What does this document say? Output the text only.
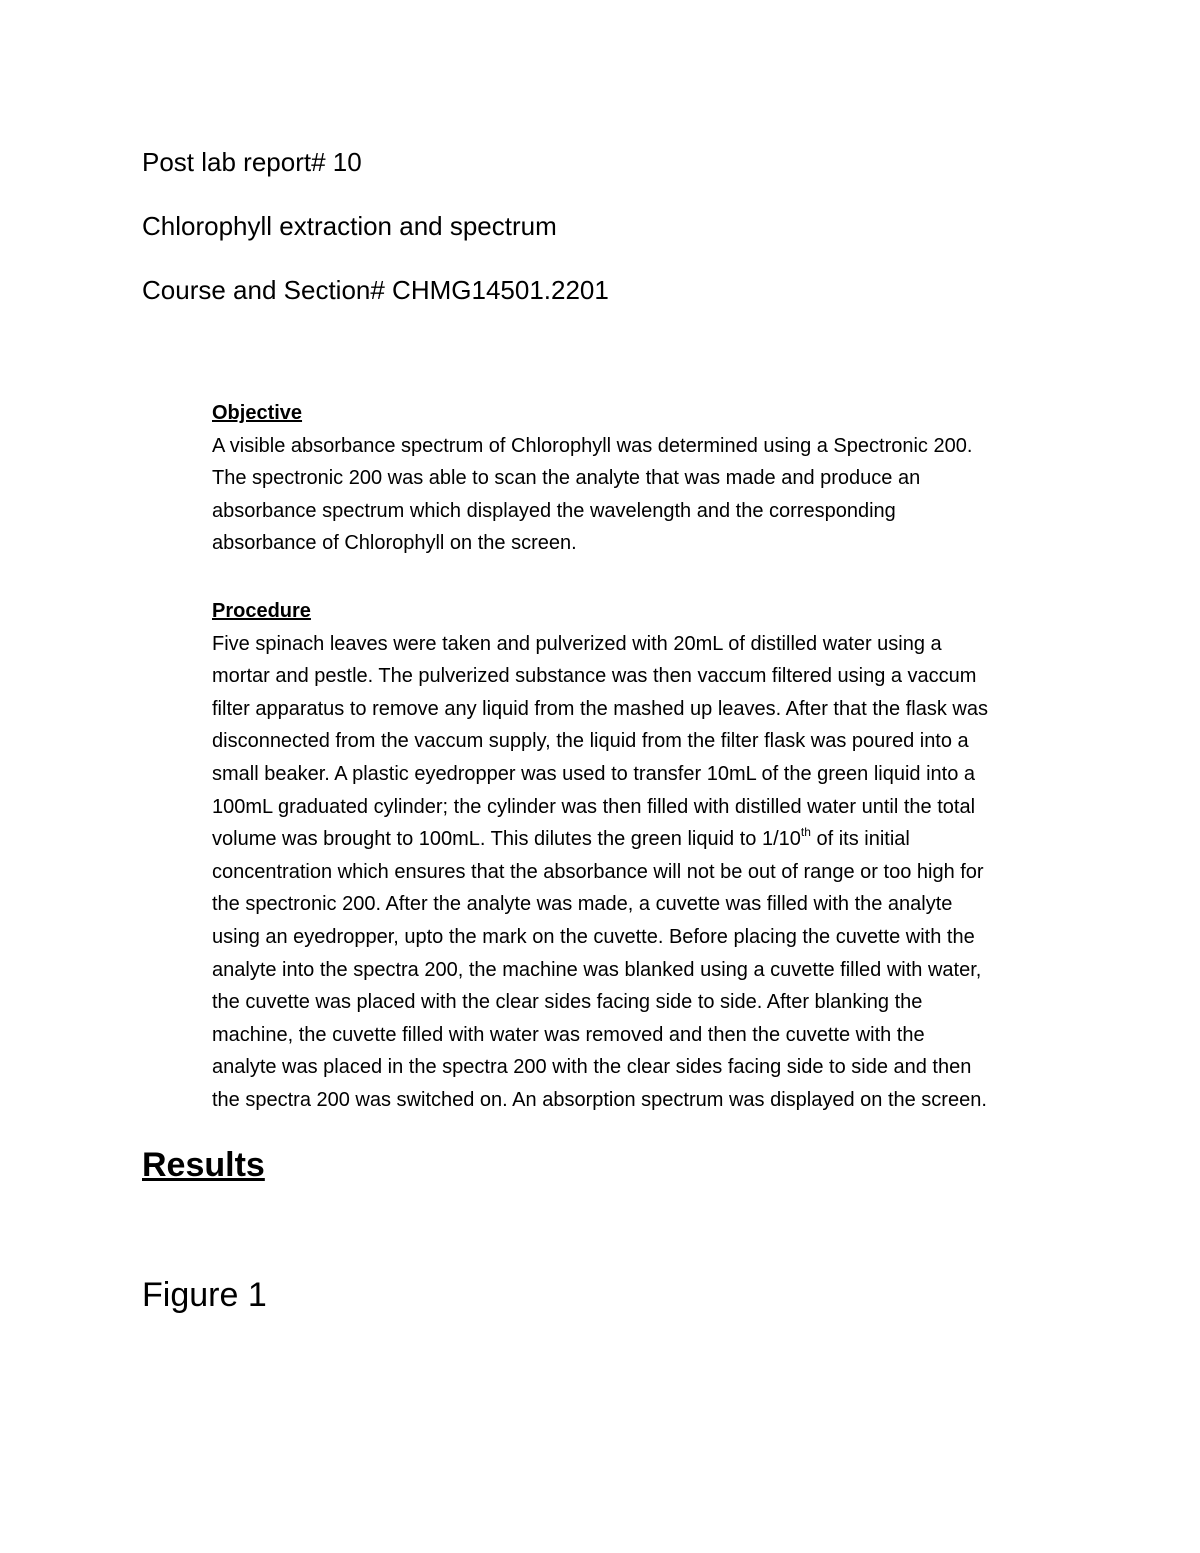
Post lab report# 10
Chlorophyll extraction and spectrum
Course and Section# CHMG14501.2201
Objective

A visible absorbance spectrum of Chlorophyll was determined using a Spectronic 200.

The spectronic 200 was able to scan the analyte that was made and produce an

absorbance spectrum which displayed the wavelength and the corresponding

absorbance of Chlorophyll on the screen.

Procedure

Five spinach leaves were taken and pulverized with 20mL of distilled water using a

mortar and pestle. The pulverized substance was then vaccum filtered using a vaccum

filter apparatus to remove any liquid from the mashed up leaves. After that the flask was

disconnected from the vaccum supply, the liquid from the filter flask was poured into a

small beaker. A plastic eyedropper was used to transfer 10mL of the green liquid into a

100mL graduated cylinder; the cylinder was then filled with distilled water until the total

volume was brought to 100mL. This dilutes the green liquid to 1/10th of its initial

concentration which ensures that the absorbance will not be out of range or too high for

the spectronic 200. After the analyte was made, a cuvette was filled with the analyte

using an eyedropper, upto the mark on the cuvette. Before placing the cuvette with the

analyte into the spectra 200, the machine was blanked using a cuvette filled with water,

the cuvette was placed with the clear sides facing side to side. After blanking the

machine, the cuvette filled with water was removed and then the cuvette with the

analyte was placed in the spectra 200 with the clear sides facing side to side and then

the spectra 200 was switched on. An absorption spectrum was displayed on the screen.

Results
Figure 1
